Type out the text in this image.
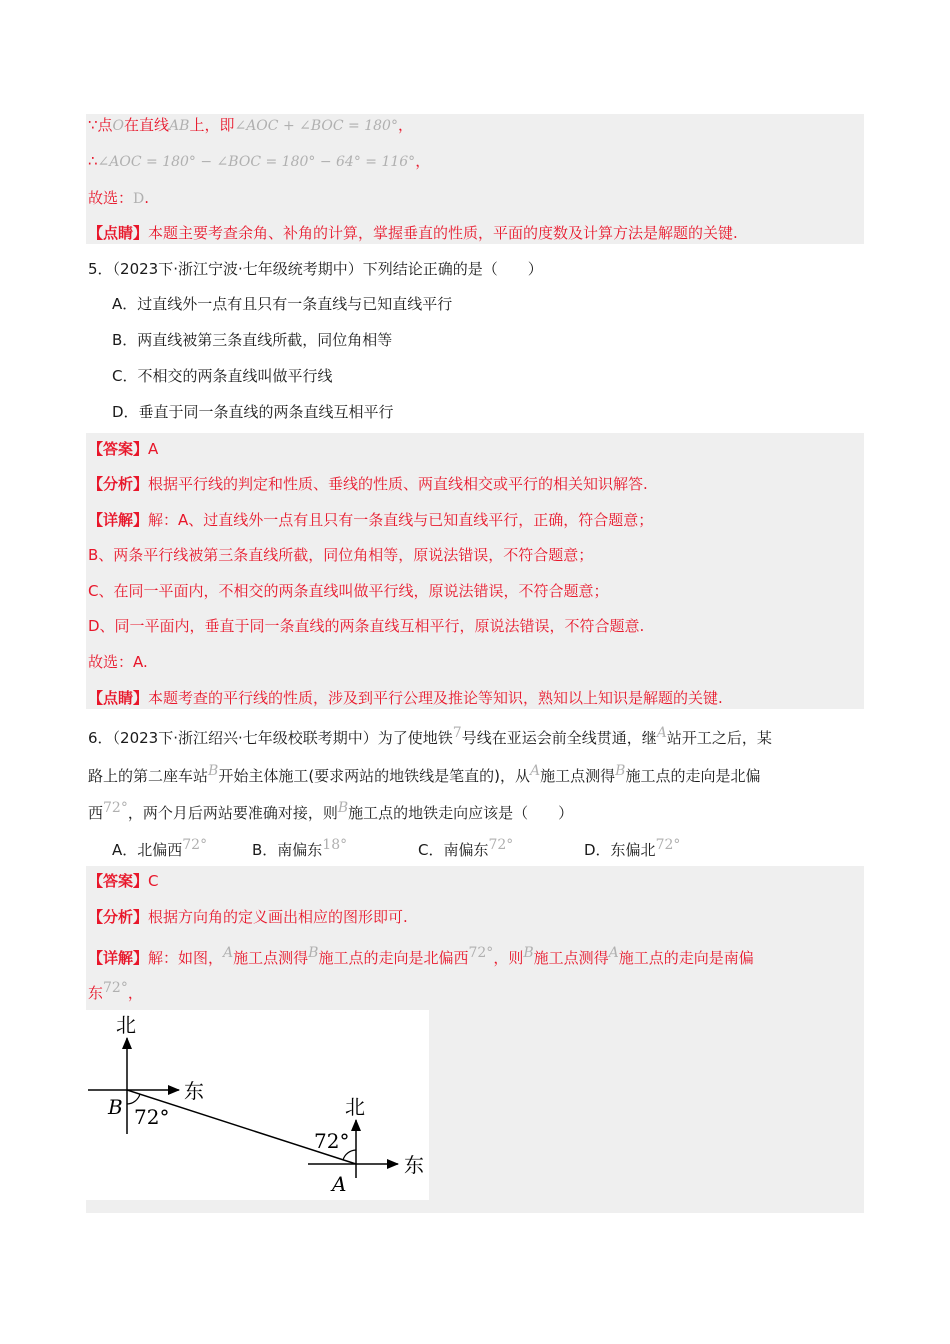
∵点O在直线AB上，即∠AOC + ∠BOC = 180°，
∴∠AOC = 180° − ∠BOC = 180° − 64° = 116°，
故选：D.
【点睛】本题主要考查余角、补角的计算，掌握垂直的性质，平面的度数及计算方法是解题的关键.
5．（2023下·浙江宁波·七年级统考期中）下列结论正确的是（　　）
A．过直线外一点有且只有一条直线与已知直线平行
B．两直线被第三条直线所截，同位角相等
C．不相交的两条直线叫做平行线
D．垂直于同一条直线的两条直线互相平行
【答案】A
【分析】根据平行线的判定和性质、垂线的性质、两直线相交或平行的相关知识解答.
【详解】解：A、过直线外一点有且只有一条直线与已知直线平行，正确，符合题意；
B、两条平行线被第三条直线所截，同位角相等，原说法错误，不符合题意；
C、在同一平面内，不相交的两条直线叫做平行线，原说法错误，不符合题意；
D、同一平面内，垂直于同一条直线的两条直线互相平行，原说法错误，不符合题意.
故选：A.
【点睛】本题考查的平行线的性质，涉及到平行公理及推论等知识，熟知以上知识是解题的关键.
6．（2023下·浙江绍兴·七年级校联考期中）为了使地铁$^7$号线在亚运会前全线贯通，继$^A$站开工之后，某
路上的第二座车站$^B$开始主体施工(要求两站的地铁线是笔直的)，从$^A$施工点测得$^B$施工点的走向是北偏
西$^{72^\circ}$，两个月后两站要准确对接，则$^B$施工点的地铁走向应该是（　　）
A．北偏西$^{72^\circ}$	B．南偏东$^{18^\circ}$	C．南偏东$^{72^\circ}$	D．东偏北$^{72^\circ}$
【答案】C
【分析】根据方向角的定义画出相应的图形即可.
【详解】解：如图，$^A$施工点测得$^B$施工点的走向是北偏西$^{72^\circ}$，则$^B$施工点测得$^A$施工点的走向是南偏
东$^{72^\circ}$，
北
东
B 72°	北
72°
东
A
